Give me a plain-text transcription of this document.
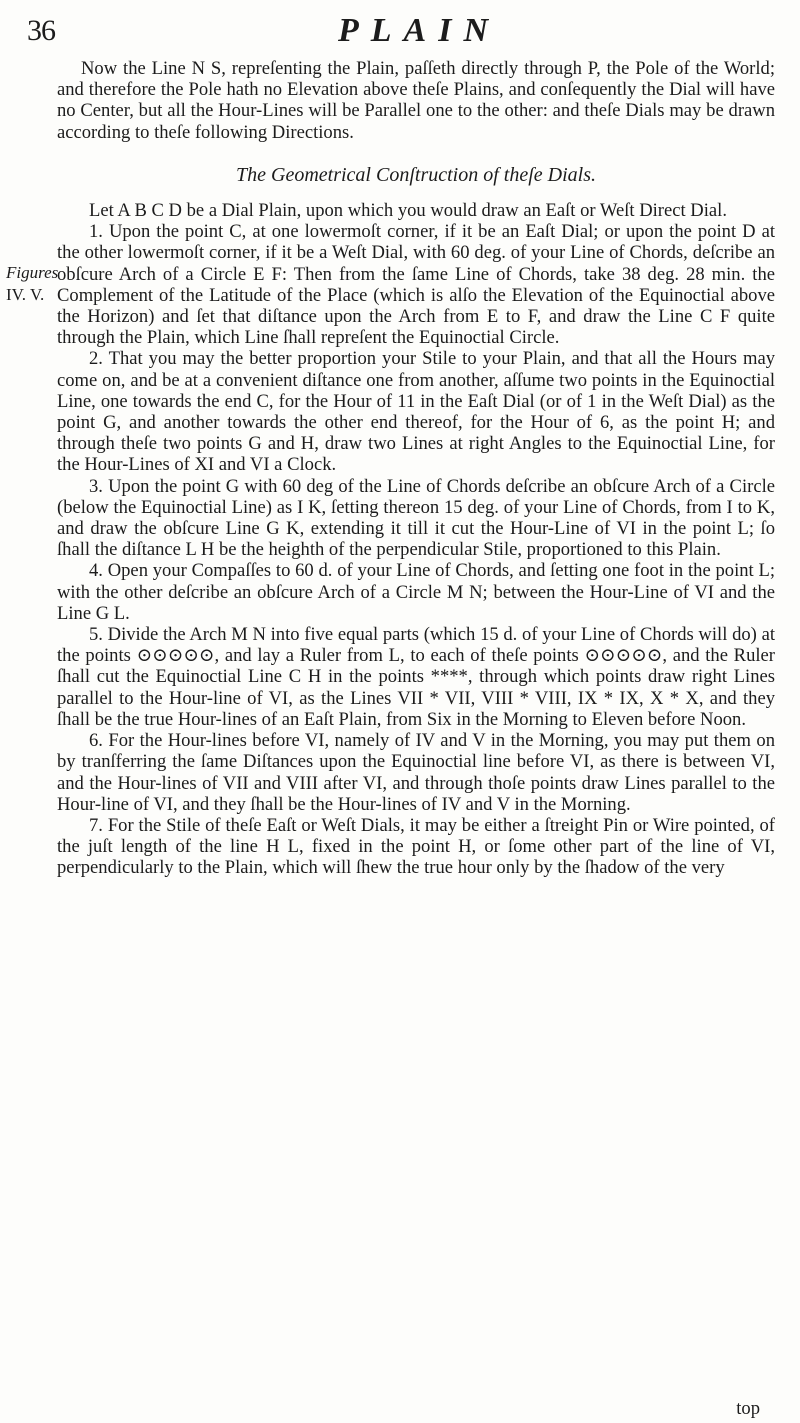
36	PLAIN
Figures
IV. V.

Now the Line N S, repreſenting the Plain, paſſeth directly through P, the Pole of the World; and therefore the Pole hath no Elevation above theſe Plains, and conſequently the Dial will have no Center, but all the Hour-Lines will be Parallel one to the other: and theſe Dials may be drawn according to theſe following Directions.

The Geometrical Conſtruction of theſe Dials.

Let A B C D be a Dial Plain, upon which you would draw an Eaſt or Weſt Direct Dial.

1. Upon the point C, at one lowermoſt corner, if it be an Eaſt Dial; or upon the point D at the other lowermoſt corner, if it be a Weſt Dial, with 60 deg. of your Line of Chords, deſcribe an obſcure Arch of a Circle E F: Then from the ſame Line of Chords, take 38 deg. 28 min. the Complement of the Latitude of the Place (which is alſo the Elevation of the Equinoctial above the Horizon) and ſet that diſtance upon the Arch from E to F, and draw the Line C F quite through the Plain, which Line ſhall repreſent the Equinoctial Circle.

2. That you may the better proportion your Stile to your Plain, and that all the Hours may come on, and be at a convenient diſtance one from another, aſſume two points in the Equinoctial Line, one towards the end C, for the Hour of 11 in the Eaſt Dial (or of 1 in the Weſt Dial) as the point G, and another towards the other end thereof, for the Hour of 6, as the point H; and through theſe two points G and H, draw two Lines at right Angles to the Equinoctial Line, for the Hour-Lines of XI and VI a Clock.

3. Upon the point G with 60 deg of the Line of Chords deſcribe an obſcure Arch of a Circle (below the Equinoctial Line) as I K, ſetting thereon 15 deg. of your Line of Chords, from I to K, and draw the obſcure Line G K, extending it till it cut the Hour-Line of VI in the point L; ſo ſhall the diſtance L H be the heighth of the perpendicular Stile, proportioned to this Plain.

4. Open your Compaſſes to 60 d. of your Line of Chords, and ſetting one foot in the point L; with the other deſcribe an obſcure Arch of a Circle M N; between the Hour-Line of VI and the Line G L.

5. Divide the Arch M N into five equal parts (which 15 d. of your Line of Chords will do) at the points ⊙⊙⊙⊙⊙, and lay a Ruler from L, to each of theſe points ⊙⊙⊙⊙⊙, and the Ruler ſhall cut the Equinoctial Line C H in the points ****, through which points draw right Lines parallel to the Hour-line of VI, as the Lines VII * VII, VIII * VIII, IX * IX, X * X, and they ſhall be the true Hour-lines of an Eaſt Plain, from Six in the Morning to Eleven before Noon.

6. For the Hour-lines before VI, namely of IV and V in the Morning, you may put them on by tranſferring the ſame Diſtances upon the Equinoctial line before VI, as there is between VI, and the Hour-lines of VII and VIII after VI, and through thoſe points draw Lines parallel to the Hour-line of VI, and they ſhall be the Hour-lines of IV and V in the Morning.

7. For the Stile of theſe Eaſt or Weſt Dials, it may be either a ſtreight Pin or Wire pointed, of the juſt length of the line H L, fixed in the point H, or ſome other part of the line of VI, perpendicularly to the Plain, which will ſhew the true hour only by the ſhadow of the very

top
